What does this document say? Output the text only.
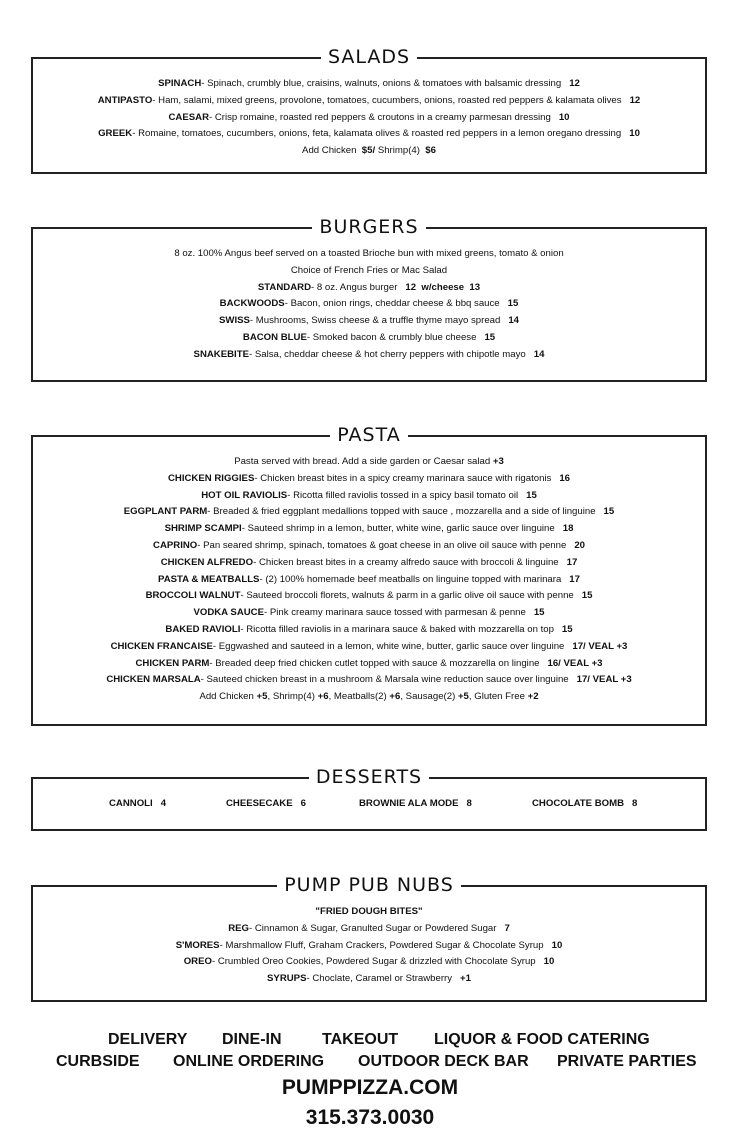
SALADS
SPINACH- Spinach, crumbly blue, craisins, walnuts, onions & tomatoes with balsamic dressing 12
ANTIPASTO- Ham, salami, mixed greens, provolone, tomatoes, cucumbers, onions, roasted red peppers & kalamata olives 12
CAESAR- Crisp romaine, roasted red peppers & croutons in a creamy parmesan dressing 10
GREEK- Romaine, tomatoes, cucumbers, onions, feta, kalamata olives & roasted red peppers in a lemon oregano dressing 10
Add Chicken $5/ Shrimp(4) $6
BURGERS
8 oz. 100% Angus beef served on a toasted Brioche bun with mixed greens, tomato & onion
Choice of French Fries or Mac Salad
STANDARD- 8 oz. Angus burger 12  w/cheese  13
BACKWOODS- Bacon, onion rings, cheddar cheese & bbq sauce 15
SWISS- Mushrooms, Swiss cheese & a truffle thyme mayo spread 14
BACON BLUE- Smoked bacon & crumbly blue cheese 15
SNAKEBITE- Salsa, cheddar cheese & hot cherry peppers with chipotle mayo 14
PASTA
Pasta served with bread. Add a side garden or Caesar salad +3
CHICKEN RIGGIES- Chicken breast bites in a spicy creamy marinara sauce with rigatonis 16
HOT OIL RAVIOLIS- Ricotta filled raviolis tossed in a spicy basil tomato oil 15
EGGPLANT PARM- Breaded & fried eggplant medallions topped with sauce , mozzarella and a side of linguine 15
SHRIMP SCAMPI- Sauteed shrimp in a lemon, butter, white wine, garlic sauce over linguine 18
CAPRINO- Pan seared shrimp, spinach, tomatoes & goat cheese in an olive oil sauce with penne 20
CHICKEN ALFREDO- Chicken breast bites in a creamy alfredo sauce with broccoli & linguine 17
PASTA & MEATBALLS- (2) 100% homemade beef meatballs on linguine topped with marinara 17
BROCCOLI WALNUT- Sauteed broccoli florets, walnuts & parm in a garlic olive oil sauce with penne 15
VODKA SAUCE- Pink creamy marinara sauce tossed with parmesan & penne 15
BAKED RAVIOLI- Ricotta filled raviolis in a marinara sauce & baked with mozzarella on top 15
CHICKEN FRANCAISE- Eggwashed and sauteed in a lemon, white wine, butter, garlic sauce over linguine 17/ VEAL +3
CHICKEN PARM- Breaded deep fried chicken cutlet topped with sauce & mozzarella on lingine 16/ VEAL +3
CHICKEN MARSALA- Sauteed chicken breast in a mushroom & Marsala wine reduction sauce over linguine 17/ VEAL +3
Add Chicken +5, Shrimp(4) +6, Meatballs(2) +6, Sausage(2) +5, Gluten Free +2
DESSERTS
CANNOLI 4	CHEESECAKE 6	BROWNIE ALA MODE 8	CHOCOLATE BOMB 8
PUMP PUB NUBS
"FRIED DOUGH BITES"
REG- Cinnamon & Sugar, Granulted Sugar or Powdered Sugar 7
S'MORES- Marshmallow Fluff, Graham Crackers, Powdered Sugar & Chocolate Syrup 10
OREO- Crumbled Oreo Cookies, Powdered Sugar & drizzled with Chocolate Syrup 10
SYRUPS- Choclate, Caramel or Strawberry +1
DELIVERY DINE-IN	TAKEOUT LIQUOR & FOOD CATERING
CURBSIDE ONLINE ORDERING OUTDOOR DECK BAR PRIVATE PARTIES
PUMPPIZZA.COM
315.373.0030
